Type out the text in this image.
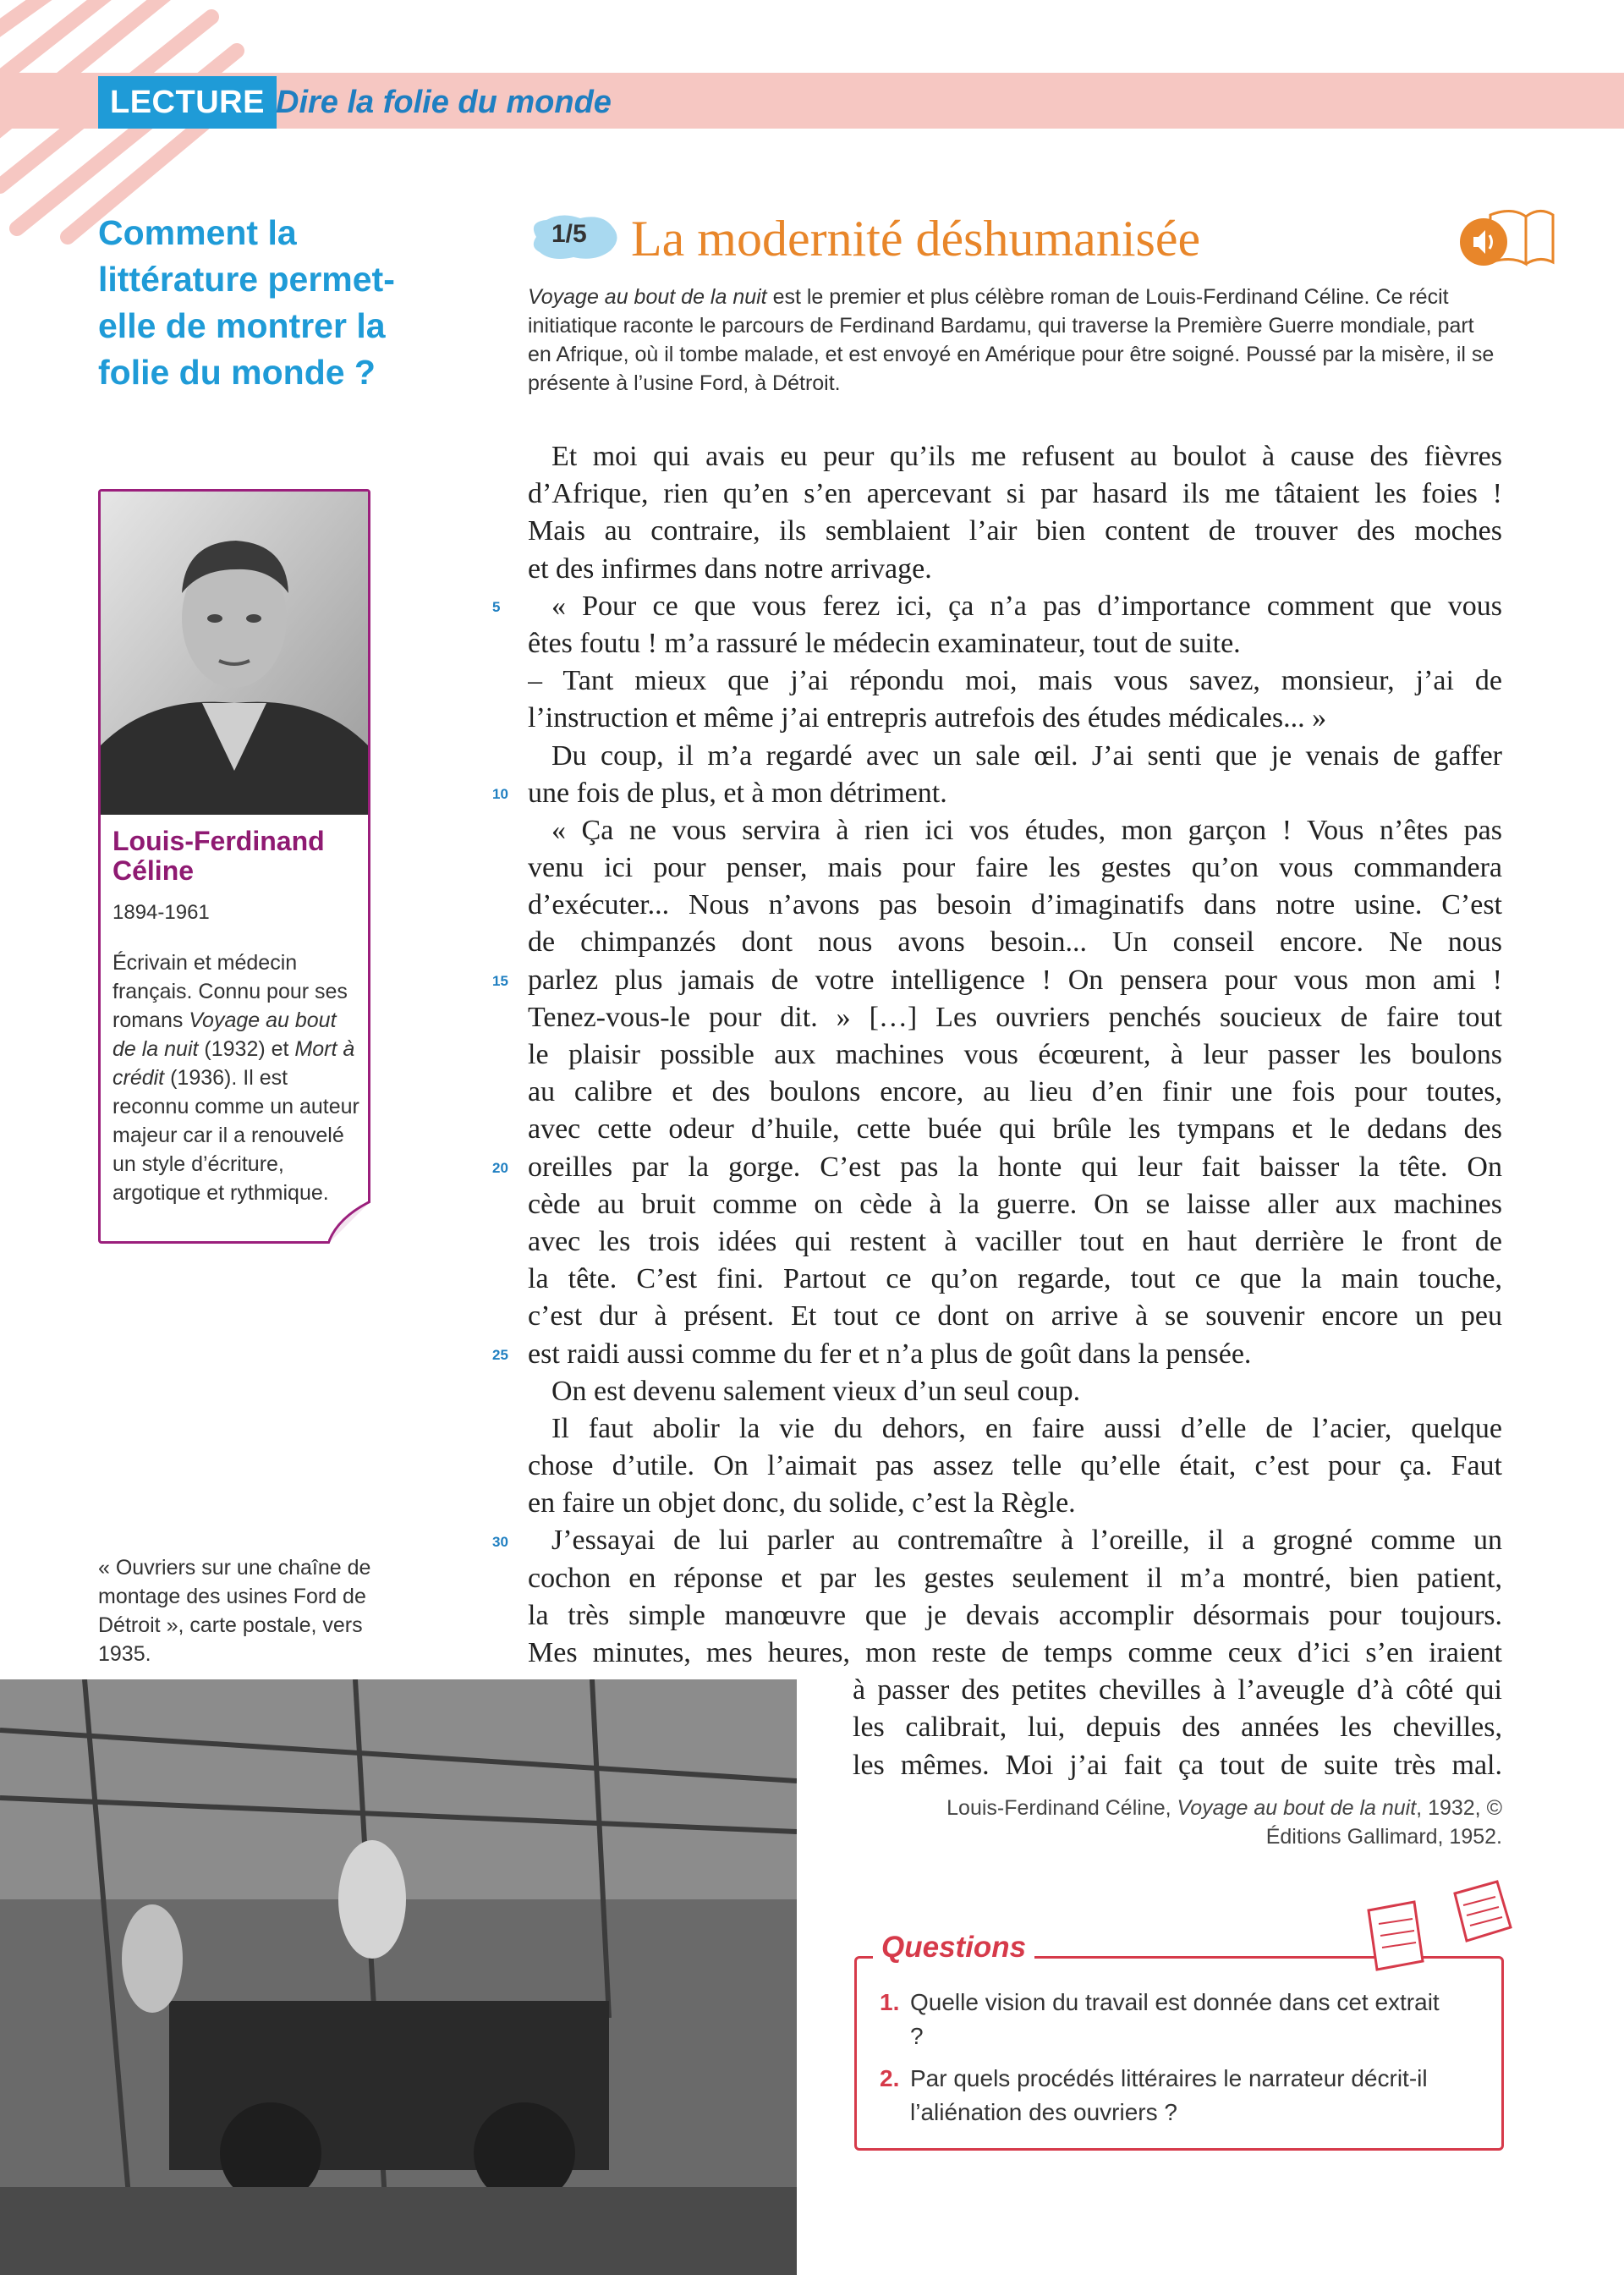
LECTURE Dire la folie du monde
Comment la littérature permet-elle de montrer la folie du monde ?
Louis-Ferdinand Céline
1894-1961
Écrivain et médecin français. Connu pour ses romans Voyage au bout de la nuit (1932) et Mort à crédit (1936). Il est reconnu comme un auteur majeur car il a renouvelé un style d’écriture, argotique et rythmique.
« Ouvriers sur une chaîne de montage des usines Ford de Détroit », carte postale, vers 1935.
1/5 La modernité déshumanisée
Voyage au bout de la nuit est le premier et plus célèbre roman de Louis-Ferdinand Céline. Ce récit initiatique raconte le parcours de Ferdinand Bardamu, qui traverse la Première Guerre mondiale, part en Afrique, où il tombe malade, et est envoyé en Amérique pour être soigné. Poussé par la misère, il se présente à l’usine Ford, à Détroit.
Et moi qui avais eu peur qu’ils me refusent au boulot à cause des fièvres
d’Afrique, rien qu’en s’en apercevant si par hasard ils me tâtaient les foies !
Mais au contraire, ils semblaient l’air bien content de trouver des moches
et des infirmes dans notre arrivage.
« Pour ce que vous ferez ici, ça n’a pas d’importance comment que vous
êtes foutu ! m’a rassuré le médecin examinateur, tout de suite.
– Tant mieux que j’ai répondu moi, mais vous savez, monsieur, j’ai de
l’instruction et même j’ai entrepris autrefois des études médicales... »
Du coup, il m’a regardé avec un sale œil. J’ai senti que je venais de gaffer
une fois de plus, et à mon détriment.
« Ça ne vous servira à rien ici vos études, mon garçon ! Vous n’êtes pas
venu ici pour penser, mais pour faire les gestes qu’on vous commandera
d’exécuter... Nous n’avons pas besoin d’imaginatifs dans notre usine. C’est
de chimpanzés dont nous avons besoin... Un conseil encore. Ne nous
parlez plus jamais de votre intelligence ! On pensera pour vous mon ami !
Tenez-vous-le pour dit. » […] Les ouvriers penchés soucieux de faire tout
le plaisir possible aux machines vous écœurent, à leur passer les boulons
au calibre et des boulons encore, au lieu d’en finir une fois pour toutes,
avec cette odeur d’huile, cette buée qui brûle les tympans et le dedans des
oreilles par la gorge. C’est pas la honte qui leur fait baisser la tête. On
cède au bruit comme on cède à la guerre. On se laisse aller aux machines
avec les trois idées qui restent à vaciller tout en haut derrière le front de
la tête. C’est fini. Partout ce qu’on regarde, tout ce que la main touche,
c’est dur à présent. Et tout ce dont on arrive à se souvenir encore un peu
est raidi aussi comme du fer et n’a plus de goût dans la pensée.
On est devenu salement vieux d’un seul coup.
Il faut abolir la vie du dehors, en faire aussi d’elle de l’acier, quelque
chose d’utile. On l’aimait pas assez telle qu’elle était, c’est pour ça. Faut
en faire un objet donc, du solide, c’est la Règle.
J’essayai de lui parler au contremaître à l’oreille, il a grogné comme un
cochon en réponse et par les gestes seulement il m’a montré, bien patient,
la très simple manœuvre que je devais accomplir désormais pour toujours.
Mes minutes, mes heures, mon reste de temps comme ceux d’ici s’en iraient
à passer des petites chevilles à l’aveugle d’à côté qui
les calibrait, lui, depuis des années les chevilles,
les mêmes. Moi j’ai fait ça tout de suite très mal.
5
10
15
20
25
30
Louis-Ferdinand Céline, Voyage au bout de la nuit, 1932, © Éditions Gallimard, 1952.
Questions
1. Quelle vision du travail est donnée dans cet extrait ?
2. Par quels procédés littéraires le narrateur décrit-il l’aliénation des ouvriers ?
